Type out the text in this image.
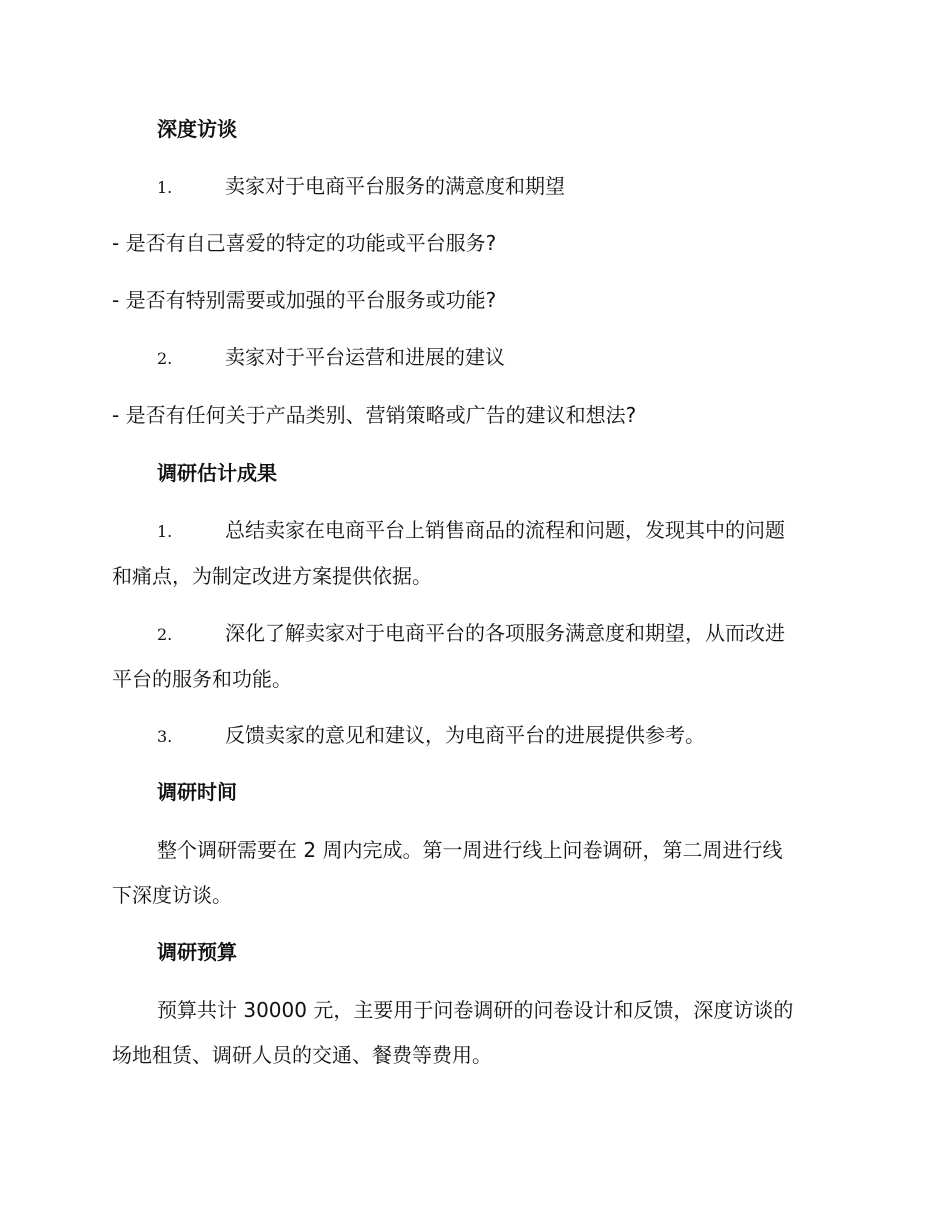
深度访谈
1.	卖家对于电商平台服务的满意度和期望
- 是否有自己喜爱的特定的功能或平台服务?
- 是否有特别需要或加强的平台服务或功能?
2.	卖家对于平台运营和进展的建议
- 是否有任何关于产品类别、营销策略或广告的建议和想法?
调研估计成果
1.	总结卖家在电商平台上销售商品的流程和问题，发现其中的问题
和痛点，为制定改进方案提供依据。
2.	深化了解卖家对于电商平台的各项服务满意度和期望，从而改进
平台的服务和功能。
3.	反馈卖家的意见和建议，为电商平台的进展提供参考。
调研时间
整个调研需要在 2 周内完成。第一周进行线上问卷调研，第二周进行线
下深度访谈。
调研预算
预算共计 30000 元，主要用于问卷调研的问卷设计和反馈，深度访谈的
场地租赁、调研人员的交通、餐费等费用。
